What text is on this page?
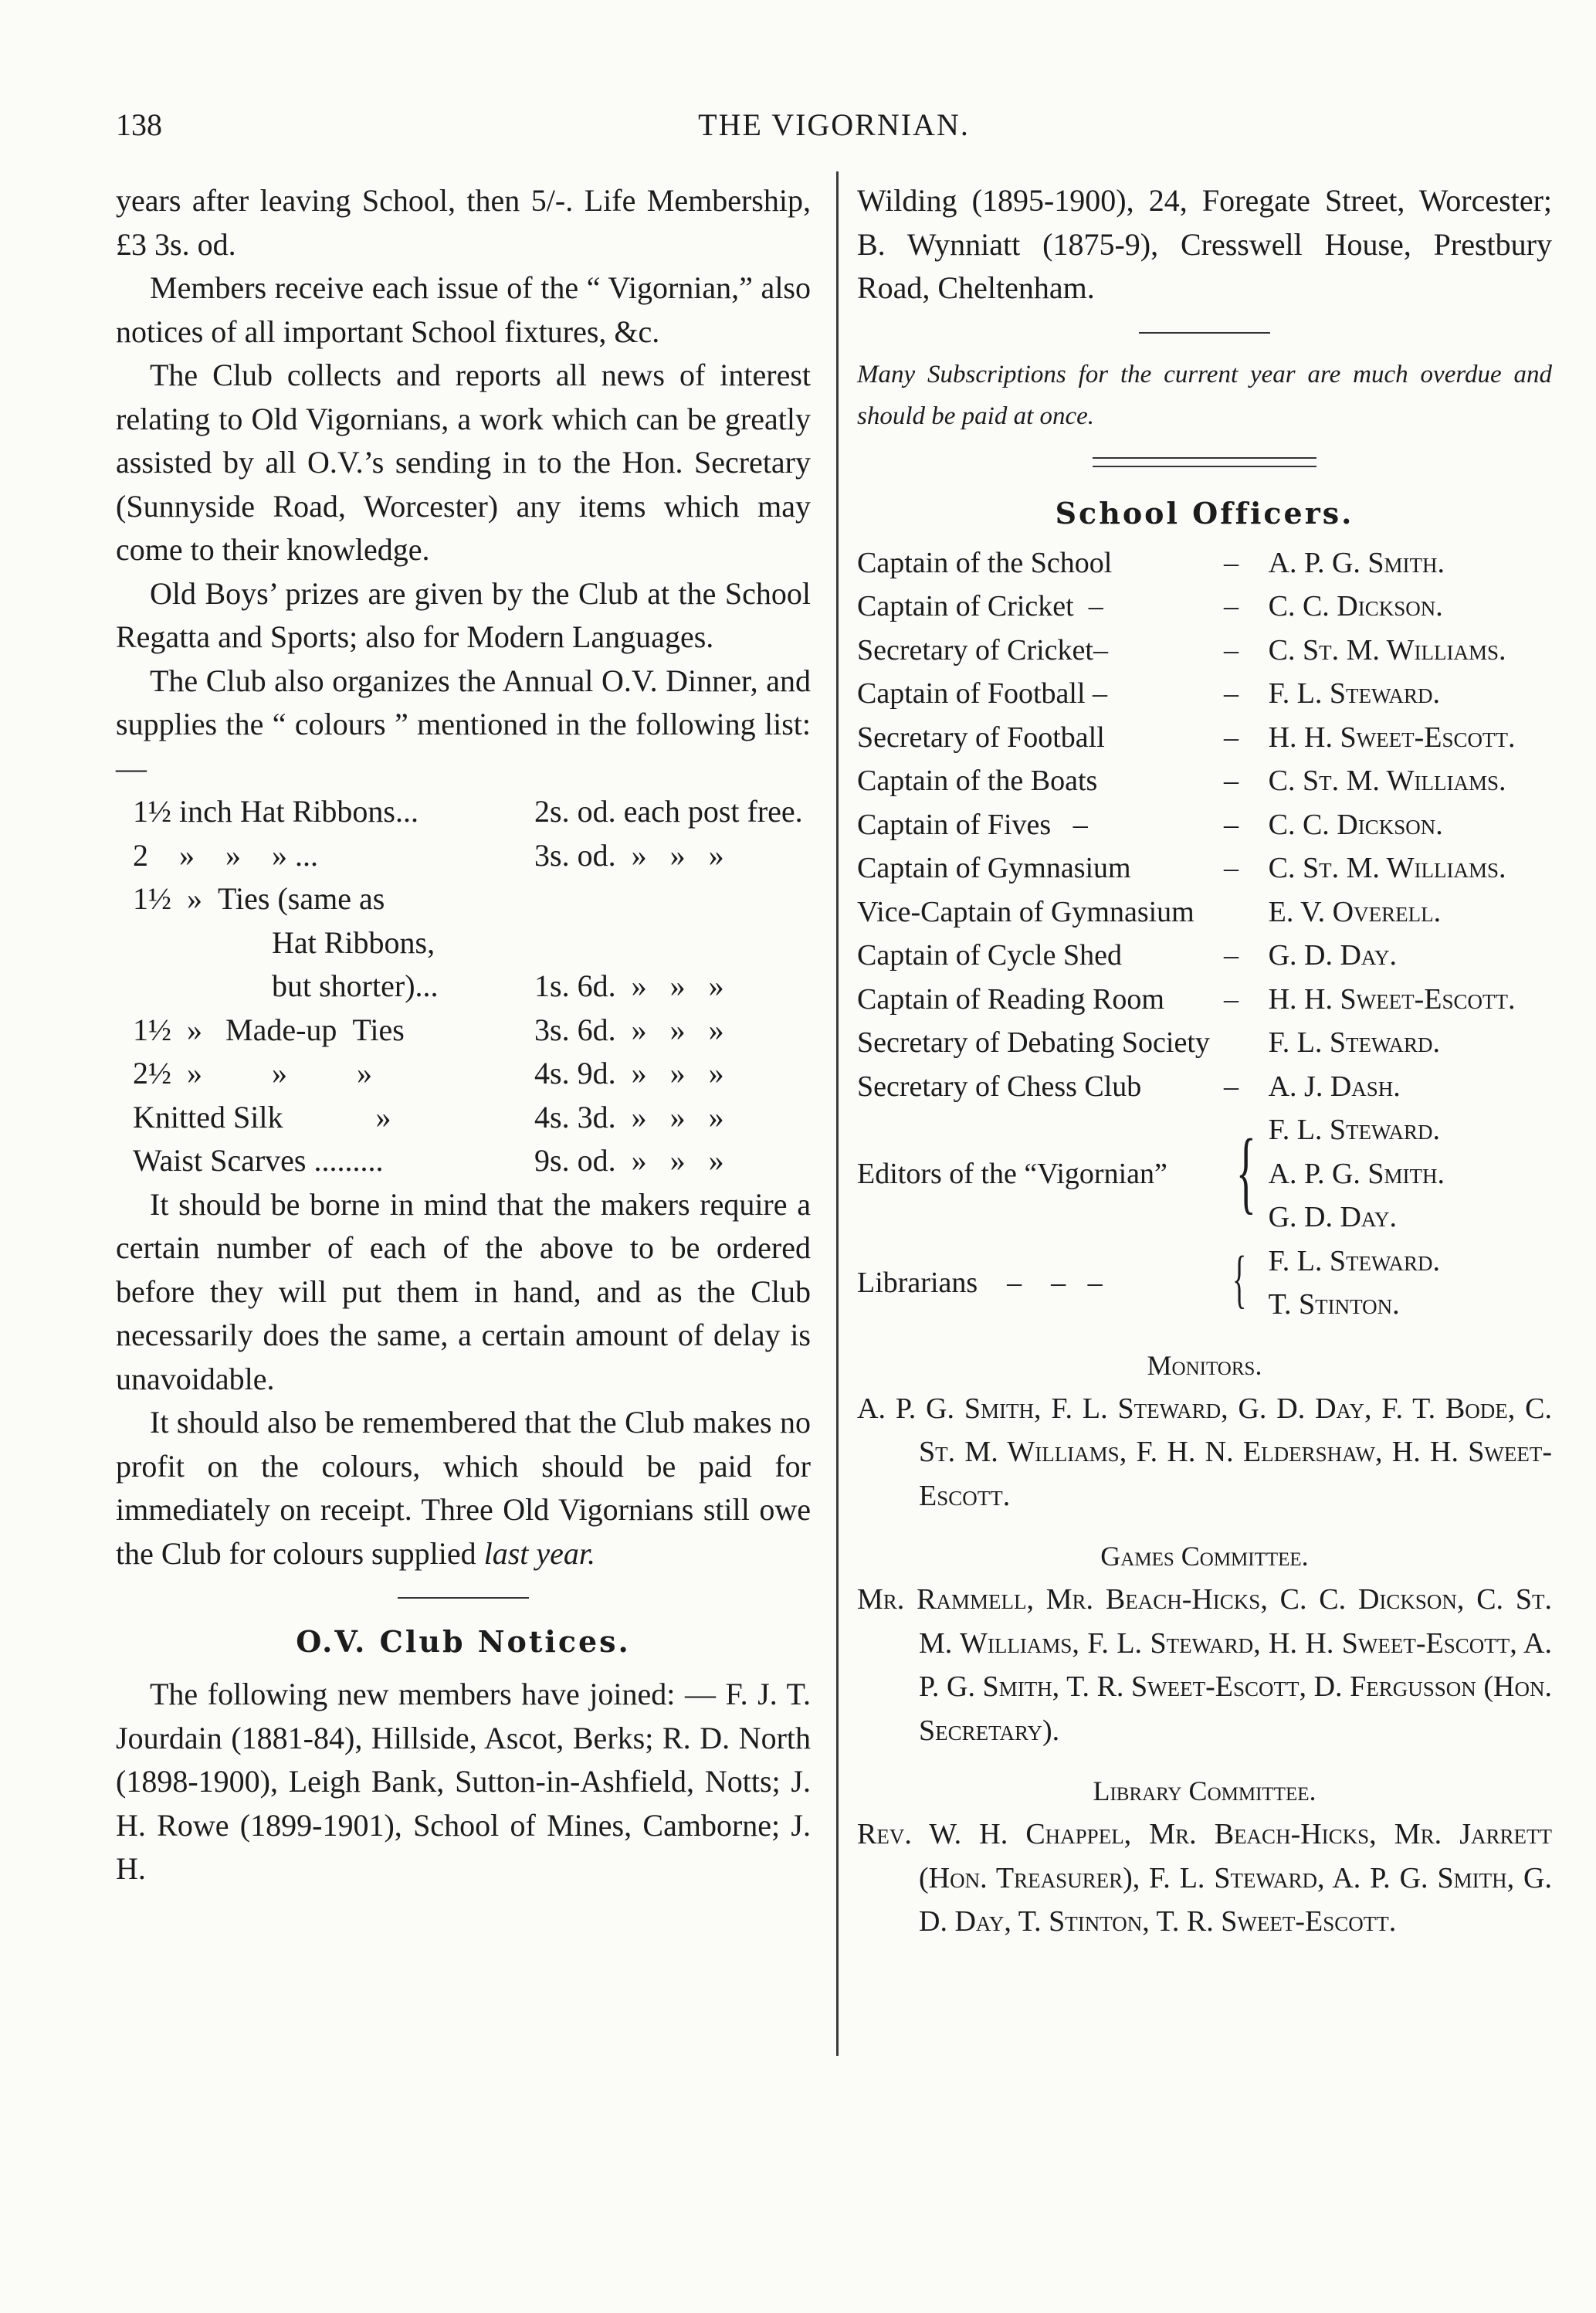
138	THE VIGORNIAN.

years after leaving School, then 5/-. Life Membership, £3 3s. od.

Members receive each issue of the “ Vigornian,” also notices of all important School fixtures, &c.

The Club collects and reports all news of interest relating to Old Vigornians, a work which can be greatly assisted by all O.V.’s sending in to the Hon. Secretary (Sunnyside Road, Worcester) any items which may come to their knowledge.

Old Boys’ prizes are given by the Club at the School Regatta and Sports; also for Modern Languages.

The Club also organizes the Annual O.V. Dinner, and supplies the “ colours ” mentioned in the following list: —

1½ inch Hat Ribbons...	2s. od. each post free.
2    »    »    » ...	3s. od.  »   »   »
1½  »  Ties (same as	
Hat Ribbons,	
but shorter)...	1s. 6d.  »   »   »
1½  »   Made-up  Ties	3s. 6d.  »   »   »
2½  »         »         »	4s. 9d.  »   »   »
Knitted Silk            »	4s. 3d.  »   »   »
Waist Scarves .........	9s. od.  »   »   »

It should be borne in mind that the makers require a certain number of each of the above to be ordered before they will put them in hand, and as the Club necessarily does the same, a certain amount of delay is unavoidable.

It should also be remembered that the Club makes no profit on the colours, which should be paid for immediately on receipt. Three Old Vigornians still owe the Club for colours supplied last year.

O.V. Club Notices.

The following new members have joined: — F. J. T. Jourdain (1881-84), Hillside, Ascot, Berks; R. D. North (1898-1900), Leigh Bank, Sutton-in-Ashfield, Notts; J. H. Rowe (1899-1901), School of Mines, Camborne; J. H.

Wilding (1895-1900), 24, Foregate Street, Worcester; B. Wynniatt (1875-9), Cresswell House, Prestbury Road, Cheltenham.

Many Subscriptions for the current year are much overdue and should be paid at once.

School Officers.
Captain of the School	–	A. P. G. Smith.
Captain of Cricket  –	–	C. C. Dickson.
Secretary of Cricket–	–	C. St. M. Williams.
Captain of Football –	–	F. L. Steward.
Secretary of Football	–	H. H. Sweet-Escott.
Captain of the Boats	–	C. St. M. Williams.
Captain of Fives   –	–	C. C. Dickson.
Captain of Gymnasium	–	C. St. M. Williams.
Vice-Captain of Gymnasium		E. V. Overell.
Captain of Cycle Shed	–	G. D. Day.
Captain of Reading Room	–	H. H. Sweet-Escott.
Secretary of Debating Society		F. L. Steward.
Secretary of Chess Club	–	A. J. Dash.
Editors of the “Vigornian”	{	F. L. Steward.
A. P. G. Smith.
G. D. Day.

Librarians    –    –   –	{	F. L. Steward.
T. Stinton.
Monitors.

A. P. G. Smith, F. L. Steward, G. D. Day, F. T. Bode, C. St. M. Williams, F. H. N. Eldershaw, H. H. Sweet-Escott.

Games Committee.

Mr. Rammell, Mr. Beach-Hicks, C. C. Dickson, C. St. M. Williams, F. L. Steward, H. H. Sweet-Escott, A. P. G. Smith, T. R. Sweet-Escott, D. Fergusson (Hon. Secretary).

Library Committee.

Rev. W. H. Chappel, Mr. Beach-Hicks, Mr. Jarrett (Hon. Treasurer), F. L. Steward, A. P. G. Smith, G. D. Day, T. Stinton, T. R. Sweet-Escott.
